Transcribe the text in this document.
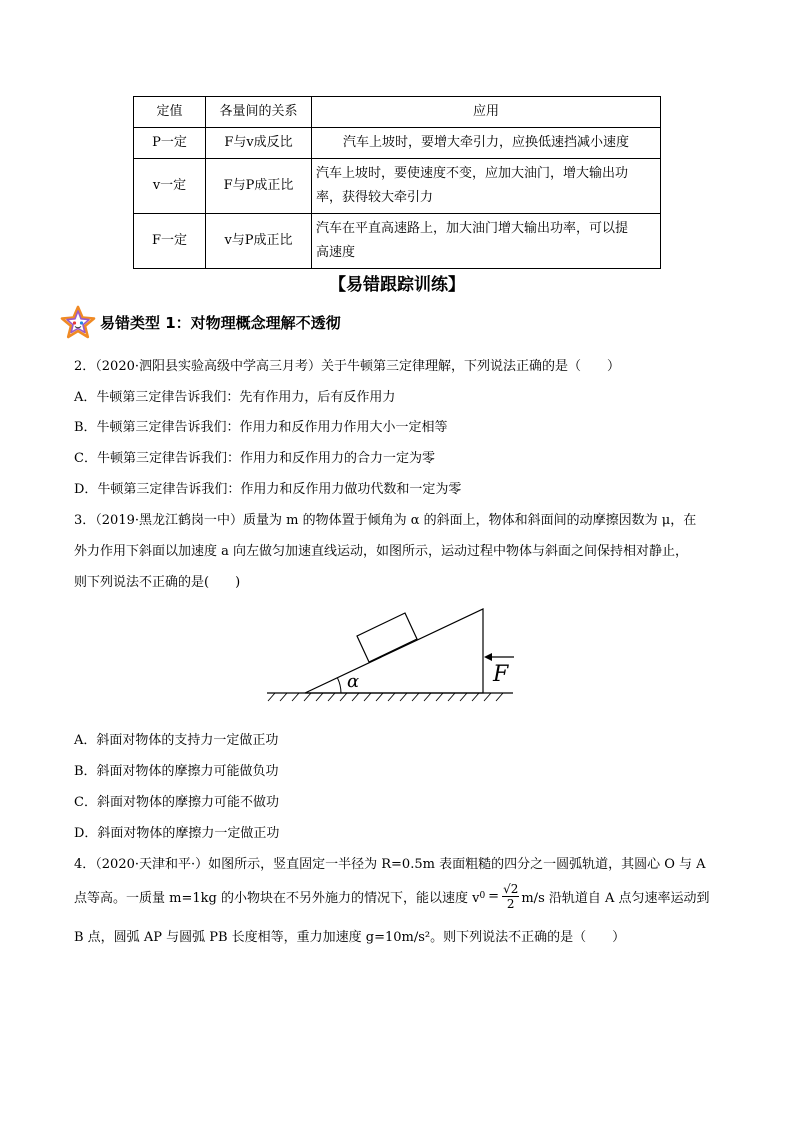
定值	各量间的关系	应用
P一定	F与v成反比	汽车上坡时，要增大牵引力，应换低速挡减小速度
v一定	F与P成正比	汽车上坡时，要使速度不变，应加大油门，增大输出功
率，获得较大牵引力
F一定	v与P成正比	汽车在平直高速路上，加大油门增大输出功率，可以提
高速度
【易错跟踪训练】
易错类型 1：对物理概念理解不透彻
2．（2020·泗阳县实验高级中学高三月考）关于牛顿第三定律理解，下列说法正确的是（　　）
A．牛顿第三定律告诉我们：先有作用力，后有反作用力
B．牛顿第三定律告诉我们：作用力和反作用力作用大小一定相等
C．牛顿第三定律告诉我们：作用力和反作用力的合力一定为零
D．牛顿第三定律告诉我们：作用力和反作用力做功代数和一定为零
3．（2019·黑龙江鹤岗一中）质量为 m 的物体置于倾角为 α 的斜面上，物体和斜面间的动摩擦因数为 μ，在
外力作用下斜面以加速度 a 向左做匀加速直线运动，如图所示，运动过程中物体与斜面之间保持相对静止，
则下列说法不正确的是(　　)
α	F
A．斜面对物体的支持力一定做正功
B．斜面对物体的摩擦力可能做负功
C．斜面对物体的摩擦力可能不做功
D．斜面对物体的摩擦力一定做正功
4．（2020·天津和平·）如图所示，竖直固定一半径为 R=0.5m 表面粗糙的四分之一圆弧轨道，其圆心 O 与 A
点等高。一质量 m=1kg 的小物块在不另外施力的情况下，能以速度 v $0 = \frac{√2}{2} m/s$ 沿轨道自 A 点匀速率运动到
B 点，圆弧 AP 与圆弧 PB 长度相等，重力加速度 g=10m/s²。则下列说法不正确的是（　　）
